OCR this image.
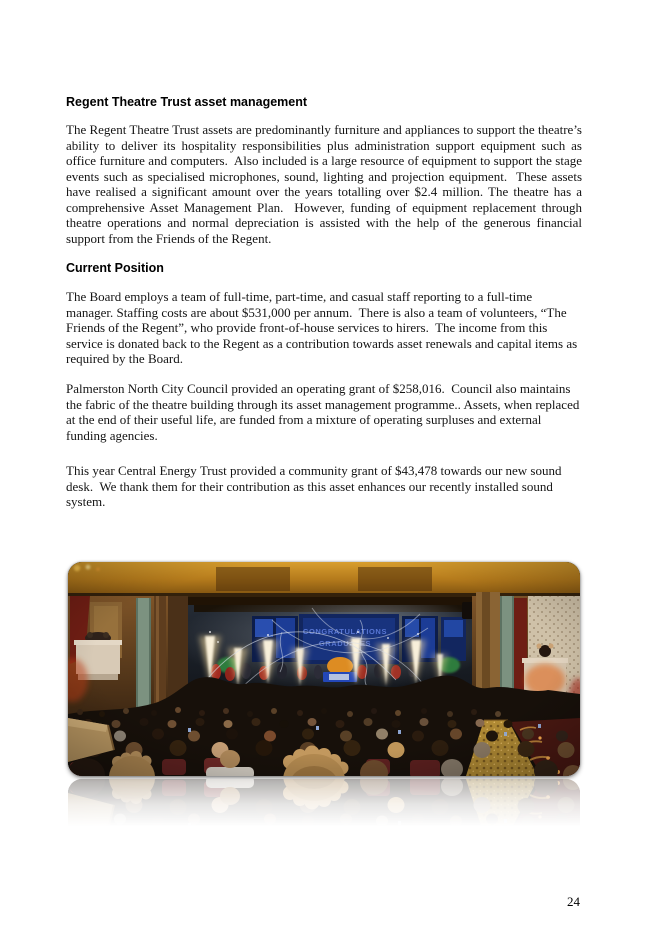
Regent Theatre Trust asset management

The Regent Theatre Trust assets are predominantly furniture and appliances to support the theatre’s ability to deliver its hospitality responsibilities plus administration support equipment such as office furniture and computers.  Also included is a large resource of equipment to support the stage events such as specialised microphones, sound, lighting and projection equipment.  These assets have realised a significant amount over the years totalling over $2.4 million. The theatre has a comprehensive Asset Management Plan.  However, funding of equipment replacement through theatre operations and normal depreciation is assisted with the help of the generous financial support from the Friends of the Regent.

Current Position

The Board employs a team of full-time, part-time, and casual staff reporting to a full-time manager. Staffing costs are about $531,000 per annum.  There is also a team of volunteers, “The Friends of the Regent”, who provide front-of-house services to hirers.  The income from this service is donated back to the Regent as a contribution towards asset renewals and capital items as required by the Board.

Palmerston North City Council provided an operating grant of $258,016.  Council also maintains the fabric of the theatre building through its asset management programme.. Assets, when replaced at the end of their useful life, are funded from a mixture of operating surpluses and external funding agencies.

This year Central Energy Trust provided a community grant of $43,478 towards our new sound desk.  We thank them for their contribution as this asset enhances our recently installed sound system.

24
